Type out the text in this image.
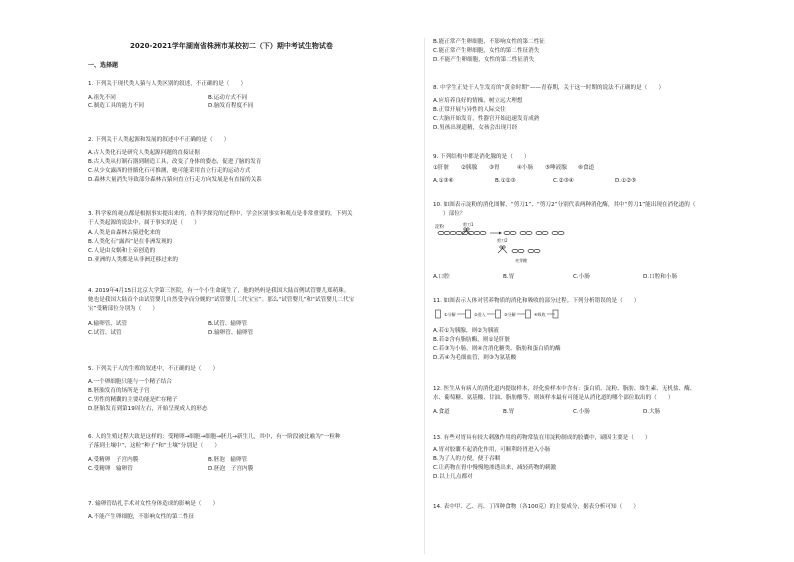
2020-2021学年湖南省株洲市某校初二（下）期中考试生物试卷
一、选择题
1. 下列关于现代类人猿与人类区别的叙述，不正确的是（　　）
A.祖先不同	B.运动方式不同
C.制造工具的能力不同	D.脑发育程度不同
2. 下列关于人类起源和发展的叙述中不正确的是（　　）
A.古人类化石是研究人类起源问题的直接证据
B.古人类从打制石器到制造工具，改变了身体的姿态，促进了脑的发育
C.从少女露西的骨骼化石可推测，她可能采用直立行走的运动方式
D.森林大量消失导致部分森林古猿向直立行走方向发展是有直接的关系
3. 科学家的观点都是根据事实提出来的，在科学探究的过程中，学会区别事实和观点是非常重要的。下列关
于人类起源的说法中，属于事实的是（　　）
A.人类是由森林古猿进化来的
B.人类化石“露西”是在非洲发现的
C.人是由女娲和上帝创造的
D.亚洲的人类都是从非洲迁移过来的
4. 2019年4月15日北京大学第三医院，有一个小生命诞生了，他的妈妈是我国大陆首例试管婴儿郑萌珠。
她也是我国大陆首个由试管婴儿自然受孕而分娩的“试管婴儿二代宝宝”。那么“试管婴儿”和“试管婴儿二代宝
宝”受精部位分别为（　　）
A.输卵管、试管	B.试管、输卵管
C.试管、试管	D.输卵管、输卵管
5. 下列关于人的生殖的叙述中，不正确的是（　　）
A.一个卵细胞只能与一个精子结合
B.胚胎发育的场所是子宫
C.男性的精囊的主要功能是贮存精子
D.胚胎发育到第19周左右，开始呈现成人的形态
6. 人的生殖过程大致是这样的：受精卵→细胞→细胞→胚儿→新生儿，其中，有一阶段被比喻为“一粒种
子落到土壤中”，这粒“种子”和“土壤”分别是（　　）
A.受精卵　子宫内膜	B.胚泡　输卵管
C.受精卵　输卵管	D.胚泡　子宫内膜
7. 输卵管结扎手术对女性身体造成的影响是（　　）
A.不能产生卵细胞，不影响女性的第二性征
B.能正常产生卵细胞，不影响女性的第二性征
C.能正常产生卵细胞，女性的第二性征消失
D.不能产生卵细胞，女性的第二性征消失
8. 中学生正处于人生发育的“黄金时期”——青春期，关于这一时期的说法不正确的是（　　）
A.应培养良好的情操，树立远大理想
B.正常开展与异性的人际交往
C.大脑开始发育，性器官开始迅速发育成熟
D.男孩出现遗精，女孩会出现月经
9. 下列结构中都是消化腺的是（　　）
①肝脏 ②胰腺 ③胃	④小肠 ⑤唾液腺 ⑥食道
A.①③⑥	B.①②③	C.②③④	D.①②⑤
10. 如图表示淀粉的消化图解，“剪刀1”、“剪刀2”分别代表两种消化酶，其中“剪刀1”能出现在消化道的（
）部位？
淀粉
剪刀1
剪刀2
麦芽糖
A.口腔	B.胃	C.小肠	D.口腔和小肠
11. 如图表示人体对营养物质的消化和吸收的部分过程。下列分析错误的是（　　）
①分解	②进入	③分解	④吸收
A.若①为胰腺，则②为胰液
B.若②含有脂肪酶，则①是肝脏
C.若③为小肠，则④含消化糖类、脂肪和蛋白质的酶
D.若④为毛细血管，则③为氨基酸
12. 医生从有病人的消化道内提取样本，经化验样本中含有：蛋白质、淀粉、脂肪、维生素、无机盐、酶、
水、葡萄糖、氨基酸、甘油、脂肪酸等，则该样本最有可能是从消化道的哪个部位取出的（　　）
A.食道	B.胃	C.小肠	D.大肠
13. 有些对胃具有较大刺激作用的药物常装在用淀粉制成的胶囊中，刷因主要是（　　）
A.胃对胶囊不起消化作用，可顺利经胃进入小肠
B.为了人的方便，便于吞咽
C.让药物在胃中慢慢地渗透出来，减轻药物的刺激
D.以上几点都对
14. 表中甲、乙、丙、丁四种食物（各100克）的主要成分，据表分析可知（　　）
